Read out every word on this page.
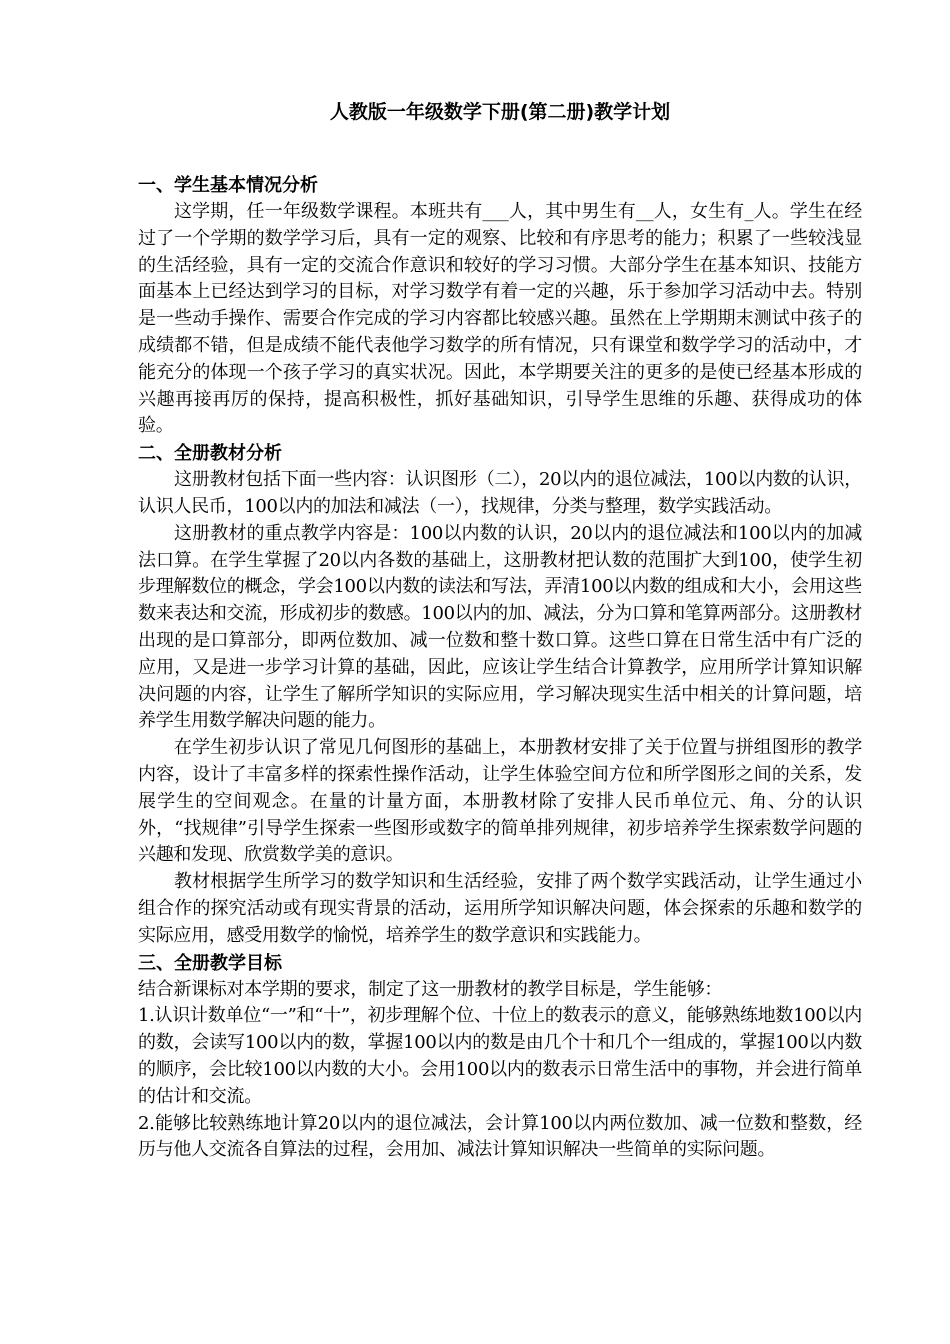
人教版一年级数学下册(第二册)教学计划
一、学生基本情况分析

这学期，任一年级数学课程。本班共有___人，其中男生有__人，女生有_人。学生在经过了一个学期的数学学习后，具有一定的观察、比较和有序思考的能力；积累了一些较浅显的生活经验，具有一定的交流合作意识和较好的学习习惯。大部分学生在基本知识、技能方面基本上已经达到学习的目标，对学习数学有着一定的兴趣，乐于参加学习活动中去。特别是一些动手操作、需要合作完成的学习内容都比较感兴趣。虽然在上学期期末测试中孩子的成绩都不错，但是成绩不能代表他学习数学的所有情况，只有课堂和数学学习的活动中，才能充分的体现一个孩子学习的真实状况。因此，本学期要关注的更多的是使已经基本形成的兴趣再接再厉的保持，提高积极性，抓好基础知识，引导学生思维的乐趣、获得成功的体验。

二、全册教材分析

这册教材包括下面一些内容：认识图形（二），20以内的退位减法，100以内数的认识，认识人民币，100以内的加法和减法（一），找规律，分类与整理，数学实践活动。

这册教材的重点教学内容是：100以内数的认识，20以内的退位减法和100以内的加减法口算。在学生掌握了20以内各数的基础上，这册教材把认数的范围扩大到100，使学生初步理解数位的概念，学会100以内数的读法和写法，弄清100以内数的组成和大小，会用这些数来表达和交流，形成初步的数感。100以内的加、减法，分为口算和笔算两部分。这册教材出现的是口算部分，即两位数加、减一位数和整十数口算。这些口算在日常生活中有广泛的应用，又是进一步学习计算的基础，因此，应该让学生结合计算教学，应用所学计算知识解决问题的内容，让学生了解所学知识的实际应用，学习解决现实生活中相关的计算问题，培养学生用数学解决问题的能力。

在学生初步认识了常见几何图形的基础上，本册教材安排了关于位置与拼组图形的教学内容，设计了丰富多样的探索性操作活动，让学生体验空间方位和所学图形之间的关系，发展学生的空间观念。在量的计量方面，本册教材除了安排人民币单位元、角、分的认识外，“找规律”引导学生探索一些图形或数字的简单排列规律，初步培养学生探索数学问题的兴趣和发现、欣赏数学美的意识。

教材根据学生所学习的数学知识和生活经验，安排了两个数学实践活动，让学生通过小组合作的探究活动或有现实背景的活动，运用所学知识解决问题，体会探索的乐趣和数学的实际应用，感受用数学的愉悦，培养学生的数学意识和实践能力。

三、全册教学目标

结合新课标对本学期的要求，制定了这一册教材的教学目标是，学生能够：

1.认识计数单位“一”和“十”，初步理解个位、十位上的数表示的意义，能够熟练地数100以内的数，会读写100以内的数，掌握100以内的数是由几个十和几个一组成的，掌握100以内数的顺序，会比较100以内数的大小。会用100以内的数表示日常生活中的事物，并会进行简单的估计和交流。

2.能够比较熟练地计算20以内的退位减法，会计算100以内两位数加、减一位数和整数，经历与他人交流各自算法的过程，会用加、减法计算知识解决一些简单的实际问题。
